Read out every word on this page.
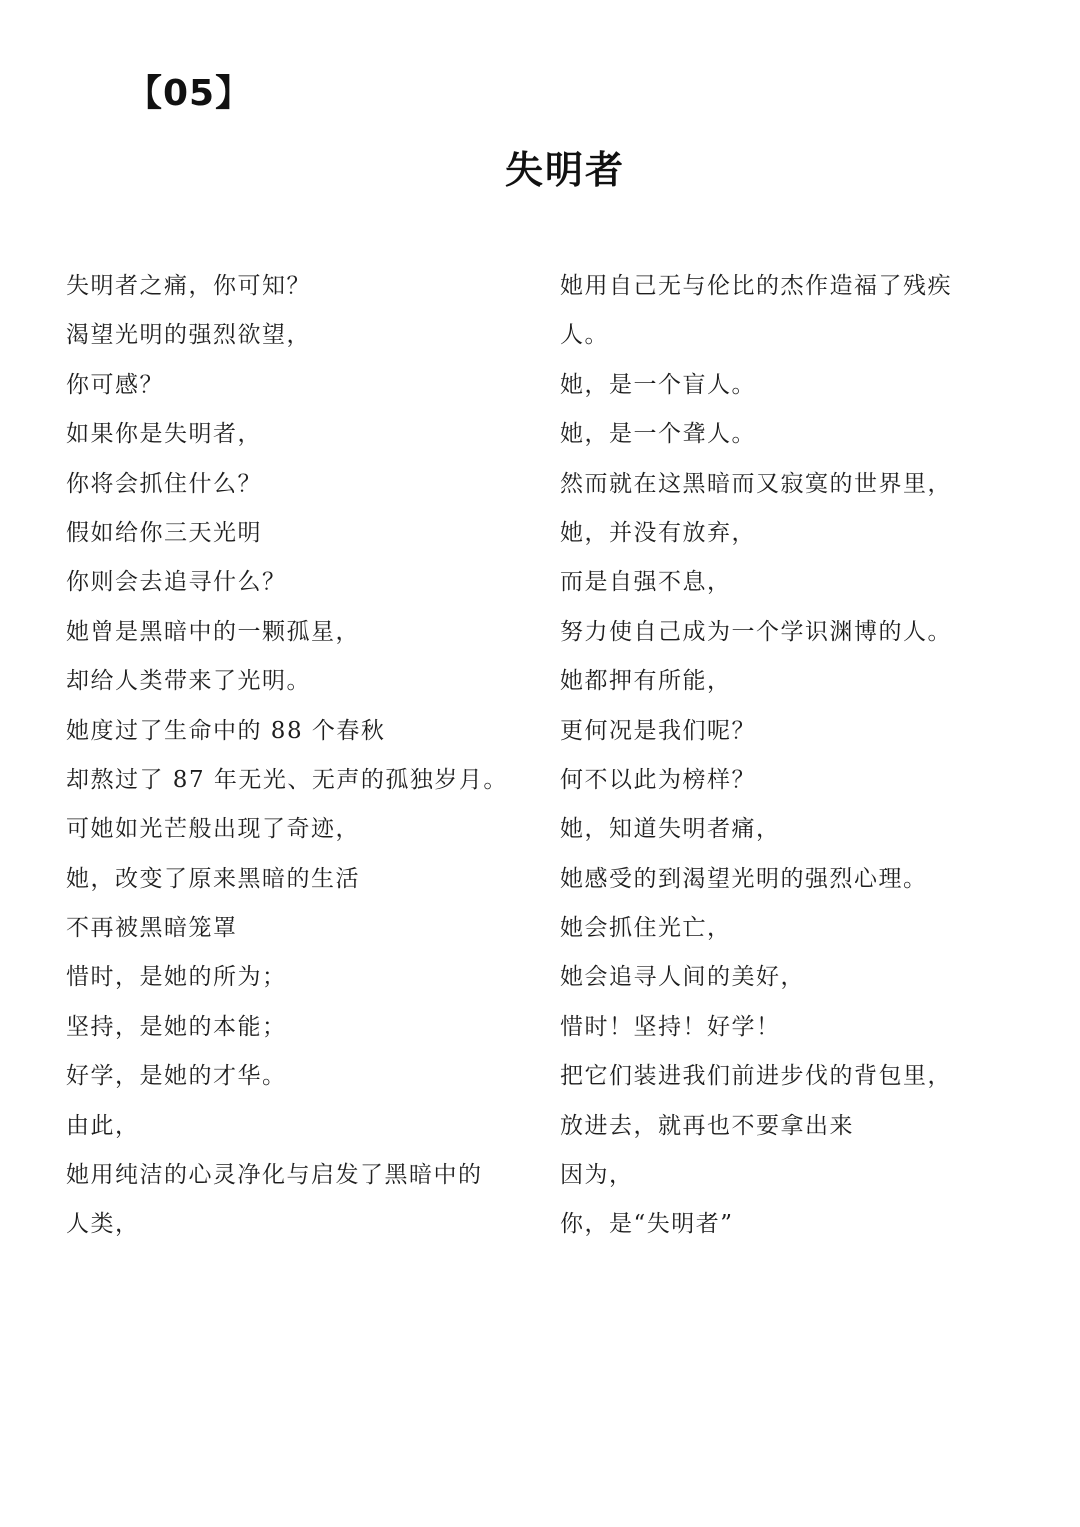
【05】
失明者
失明者之痛，你可知？
渴望光明的强烈欲望，
你可感？
如果你是失明者，
你将会抓住什么？
假如给你三天光明
你则会去追寻什么？
她曾是黑暗中的一颗孤星，
却给人类带来了光明。
她度过了生命中的 88 个春秋
却熬过了 87 年无光、无声的孤独岁月。
可她如光芒般出现了奇迹，
她，改变了原来黑暗的生活
不再被黑暗笼罩
惜时，是她的所为；
坚持，是她的本能；
好学，是她的才华。
由此，
她用纯洁的心灵净化与启发了黑暗中的
人类，
她用自己无与伦比的杰作造福了残疾
人。
她，是一个盲人。
她，是一个聋人。
然而就在这黑暗而又寂寞的世界里，
她，并没有放弃，
而是自强不息，
努力使自己成为一个学识渊博的人。
她都押有所能，
更何况是我们呢？
何不以此为榜样？
她，知道失明者痛，
她感受的到渴望光明的强烈心理。
她会抓住光亡，
她会追寻人间的美好，
惜时！坚持！好学！
把它们装进我们前进步伐的背包里，
放进去，就再也不要拿出来
因为，
你，是“失明者”
